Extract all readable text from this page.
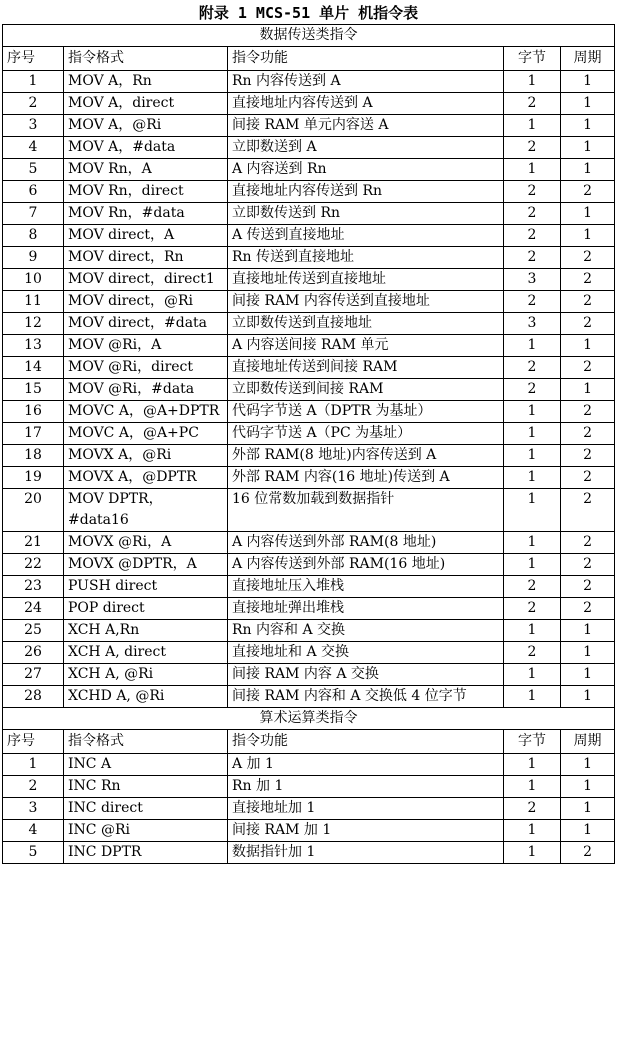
附录 1 MCS-51 单片 机指令表
数据传送类指令				
序号	指令格式	指令功能	字节	周期
1	MOV A，Rn	Rn 内容传送到 A	1	1
2	MOV A，direct	直接地址内容传送到 A	2	1
3	MOV A，@Ri	间接 RAM 单元内容送 A	1	1
4	MOV A，#data	立即数送到 A	2	1
5	MOV Rn，A	A 内容送到 Rn	1	1
6	MOV Rn，direct	直接地址内容传送到 Rn	2	2
7	MOV Rn，#data	立即数传送到 Rn	2	1
8	MOV direct，A	A 传送到直接地址	2	1
9	MOV direct，Rn	Rn 传送到直接地址	2	2
10	MOV direct，direct1	直接地址传送到直接地址	3	2
11	MOV direct，@Ri	间接 RAM 内容传送到直接地址	2	2
12	MOV direct，#data	立即数传送到直接地址	3	2
13	MOV @Ri，A	A 内容送间接 RAM 单元	1	1
14	MOV @Ri，direct	直接地址传送到间接 RAM	2	2
15	MOV @Ri，#data	立即数传送到间接 RAM	2	1
16	MOVC A，@A+DPTR	代码字节送 A（DPTR 为基址）	1	2
17	MOVC A，@A+PC	代码字节送 A（PC 为基址）	1	2
18	MOVX A，@Ri	外部 RAM(8 地址)内容传送到 A	1	2
19	MOVX A，@DPTR	外部 RAM 内容(16 地址)传送到 A	1	2
20	MOV DPTR，#data16	16 位常数加载到数据指针	1	2
21	MOVX @Ri，A	A 内容传送到外部 RAM(8 地址)	1	2
22	MOVX @DPTR，A	A 内容传送到外部 RAM(16 地址)	1	2
23	PUSH direct	直接地址压入堆栈	2	2
24	POP direct	直接地址弹出堆栈	2	2
25	XCH A,Rn	Rn 内容和 A 交换	1	1
26	XCH A, direct	直接地址和 A 交换	2	1
27	XCH A, @Ri	间接 RAM 内容 A 交换	1	1
28	XCHD A, @Ri	间接 RAM 内容和 A 交换低 4 位字节	1	1
算术运算类指令				
序号	指令格式	指令功能	字节	周期
1	INC A	A 加 1	1	1
2	INC Rn	Rn 加 1	1	1
3	INC direct	直接地址加 1	2	1
4	INC @Ri	间接 RAM 加 1	1	1
5	INC DPTR	数据指针加 1	1	2
